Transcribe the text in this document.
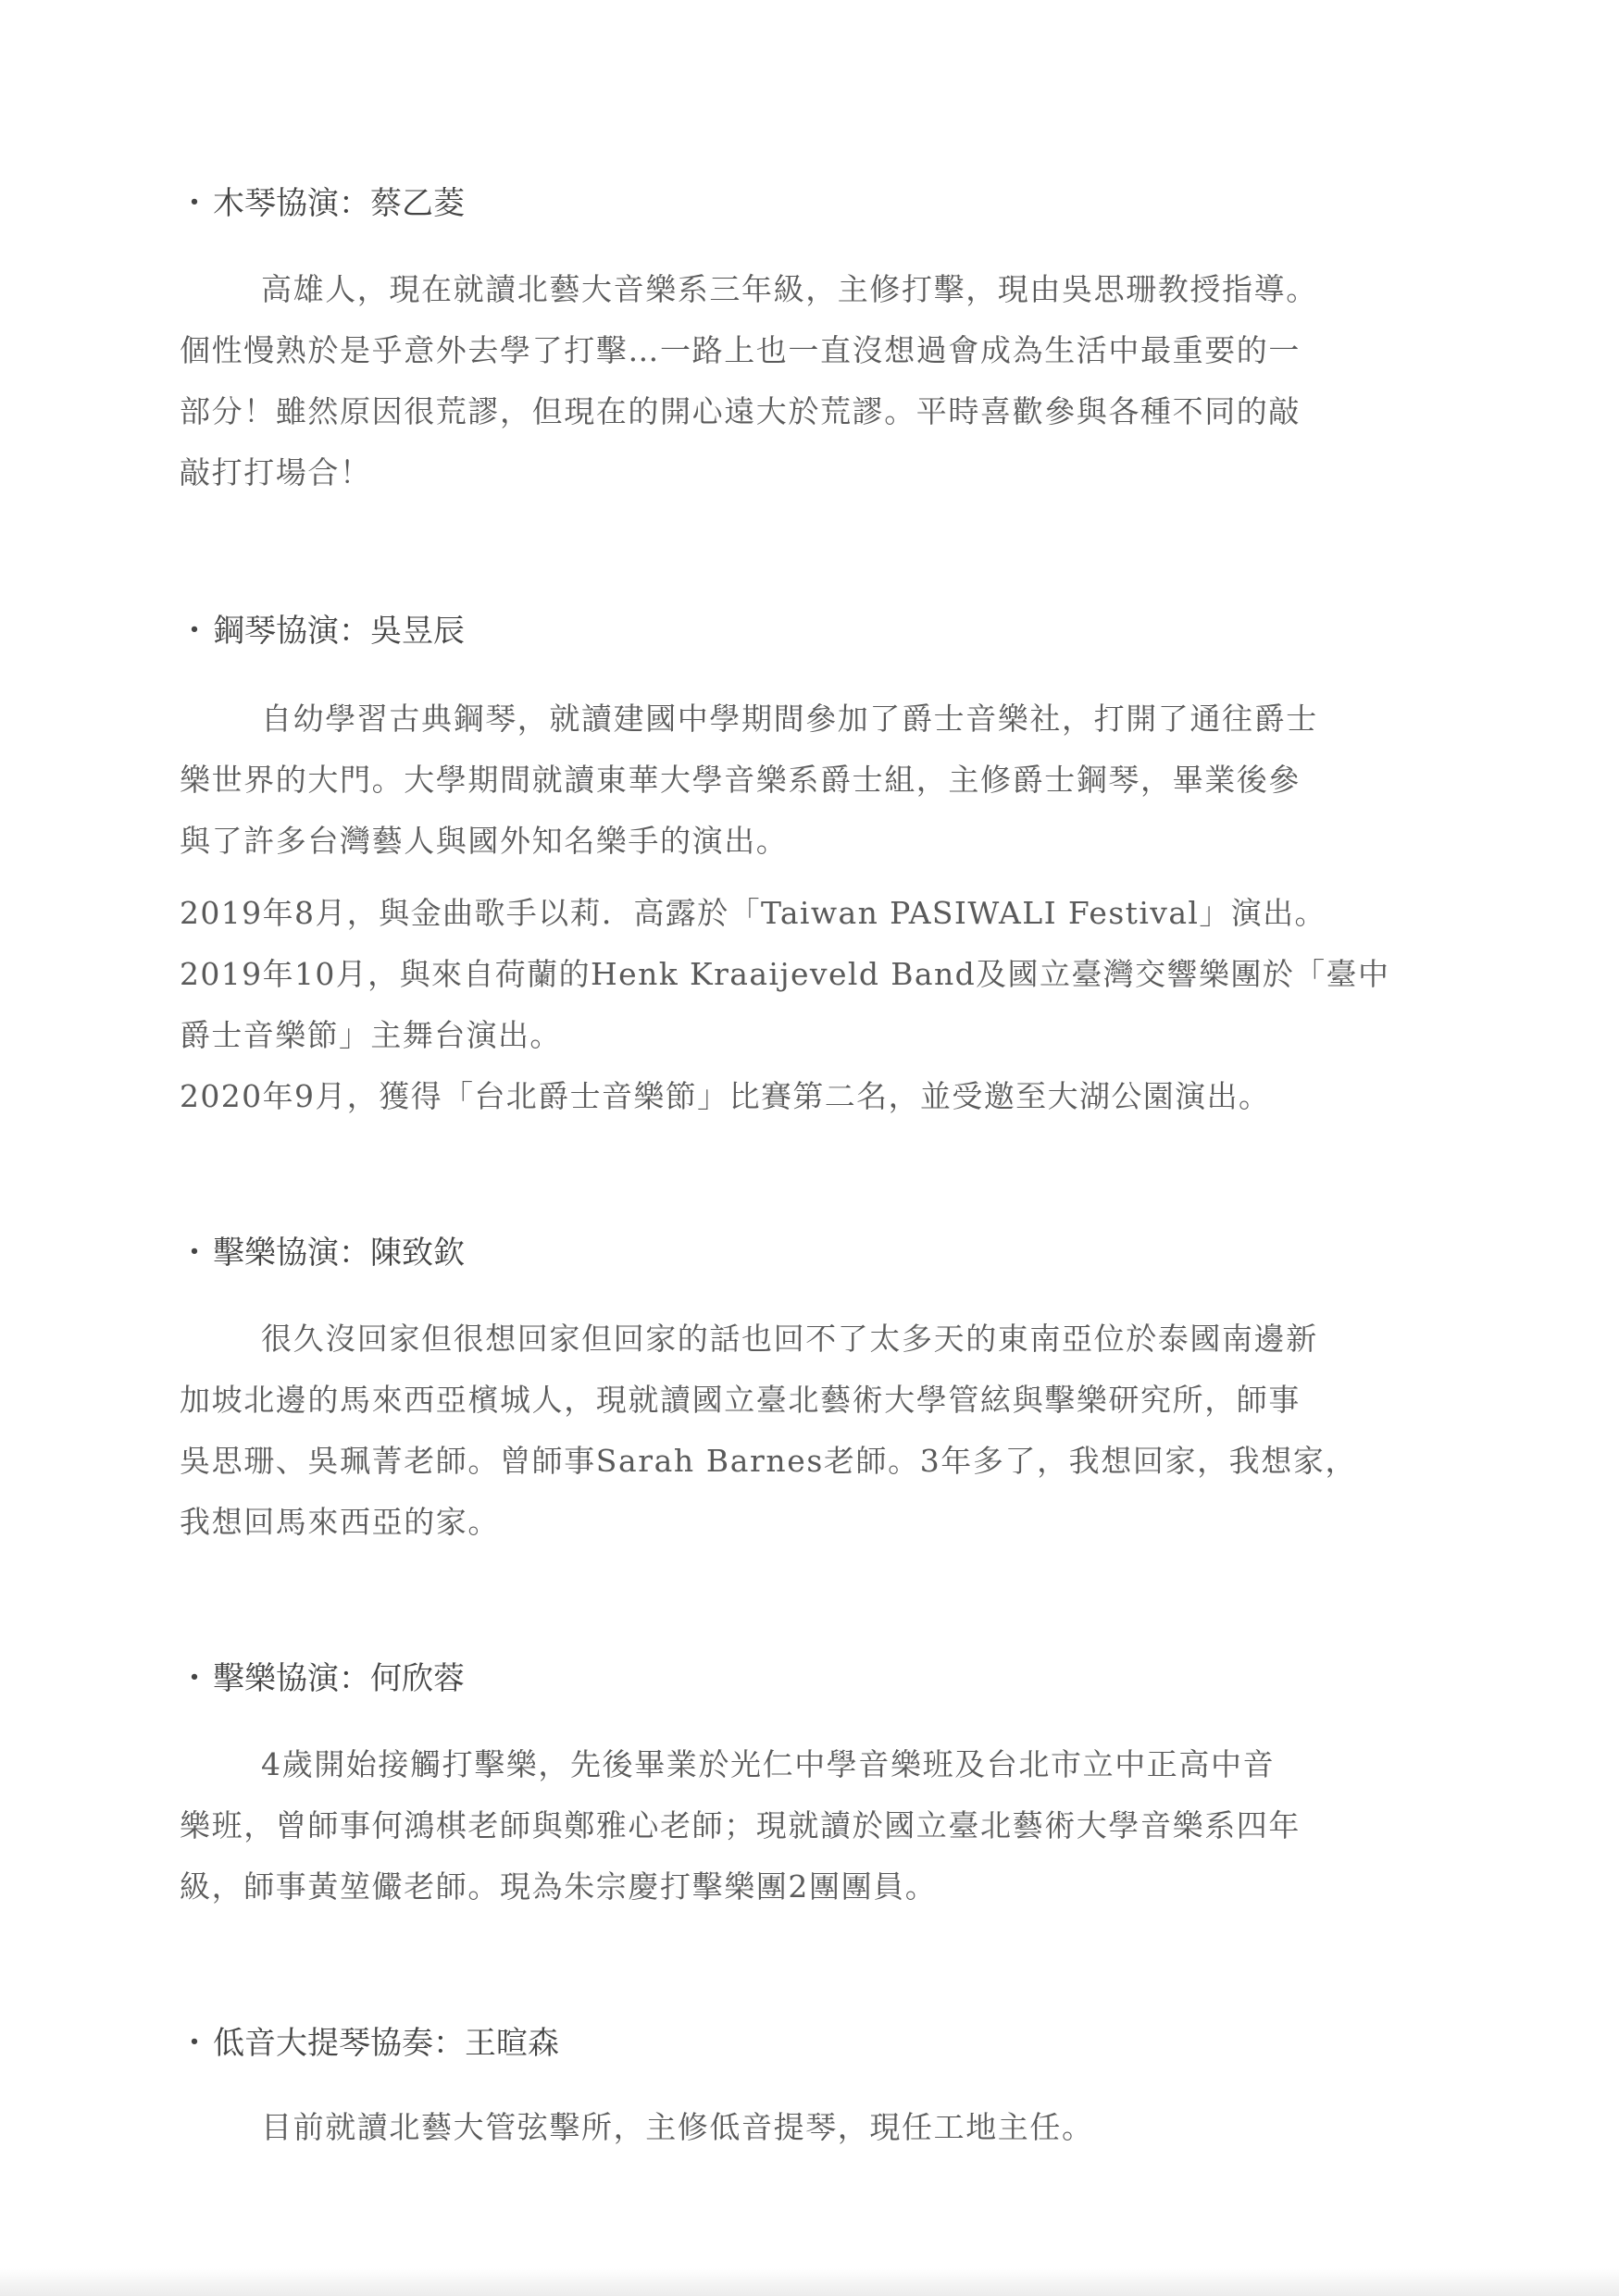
・木琴協演：蔡乙菱
高雄人，現在就讀北藝大音樂系三年級，主修打擊，現由吳思珊教授指導。
個性慢熟於是乎意外去學了打擊…一路上也一直沒想過會成為生活中最重要的一
部分！雖然原因很荒謬，但現在的開心遠大於荒謬。平時喜歡參與各種不同的敲
敲打打場合！
・鋼琴協演：吳昱辰
自幼學習古典鋼琴，就讀建國中學期間參加了爵士音樂社，打開了通往爵士
樂世界的大門。大學期間就讀東華大學音樂系爵士組，主修爵士鋼琴，畢業後參
與了許多台灣藝人與國外知名樂手的演出。
2019年8月，與金曲歌手以莉．高露於「Taiwan PASIWALI Festival」演出。
2019年10月，與來自荷蘭的Henk Kraaijeveld Band及國立臺灣交響樂團於「臺中
爵士音樂節」主舞台演出。
2020年9月，獲得「台北爵士音樂節」比賽第二名，並受邀至大湖公園演出。
・擊樂協演：陳致欽
很久沒回家但很想回家但回家的話也回不了太多天的東南亞位於泰國南邊新
加坡北邊的馬來西亞檳城人，現就讀國立臺北藝術大學管絃與擊樂研究所，師事
吳思珊、吳珮菁老師。曾師事Sarah Barnes老師。3年多了，我想回家，我想家，
我想回馬來西亞的家。
・擊樂協演：何欣蓉
4歲開始接觸打擊樂，先後畢業於光仁中學音樂班及台北市立中正高中音
樂班，曾師事何鴻棋老師與鄭雅心老師；現就讀於國立臺北藝術大學音樂系四年
級，師事黃堃儼老師。現為朱宗慶打擊樂團2團團員。
・低音大提琴協奏：王暄森
目前就讀北藝大管弦擊所，主修低音提琴，現任工地主任。
